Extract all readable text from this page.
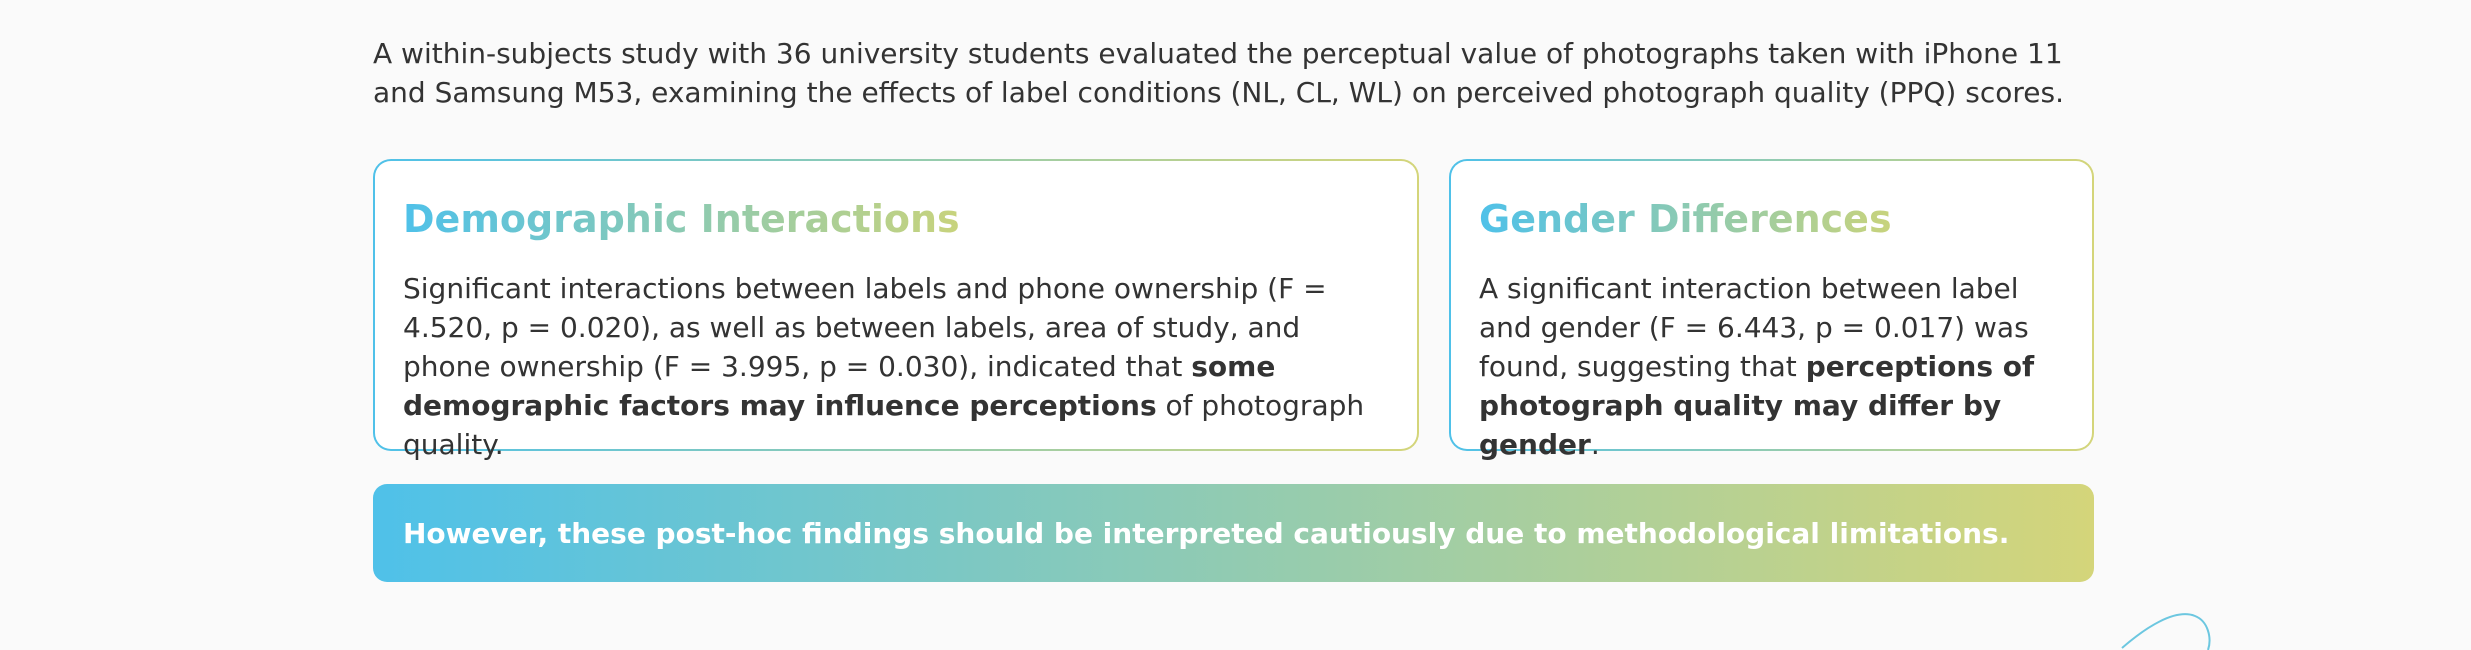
A within-subjects study with 36 university students evaluated the perceptual value of photographs taken with iPhone 11 and Samsung M53, examining the effects of label conditions (NL, CL, WL) on perceived photograph quality (PPQ) scores.

Demographic Interactions

Significant interactions between labels and phone ownership (F = 4.520, p = 0.020), as well as between labels, area of study, and phone ownership (F = 3.995, p = 0.030), indicated that some demographic factors may influence perceptions of photograph quality.

Gender Differences

A significant interaction between label and gender (F = 6.443, p = 0.017) was found, suggesting that perceptions of photograph quality may differ by gender.

However, these post-hoc findings should be interpreted cautiously due to methodological limitations.
